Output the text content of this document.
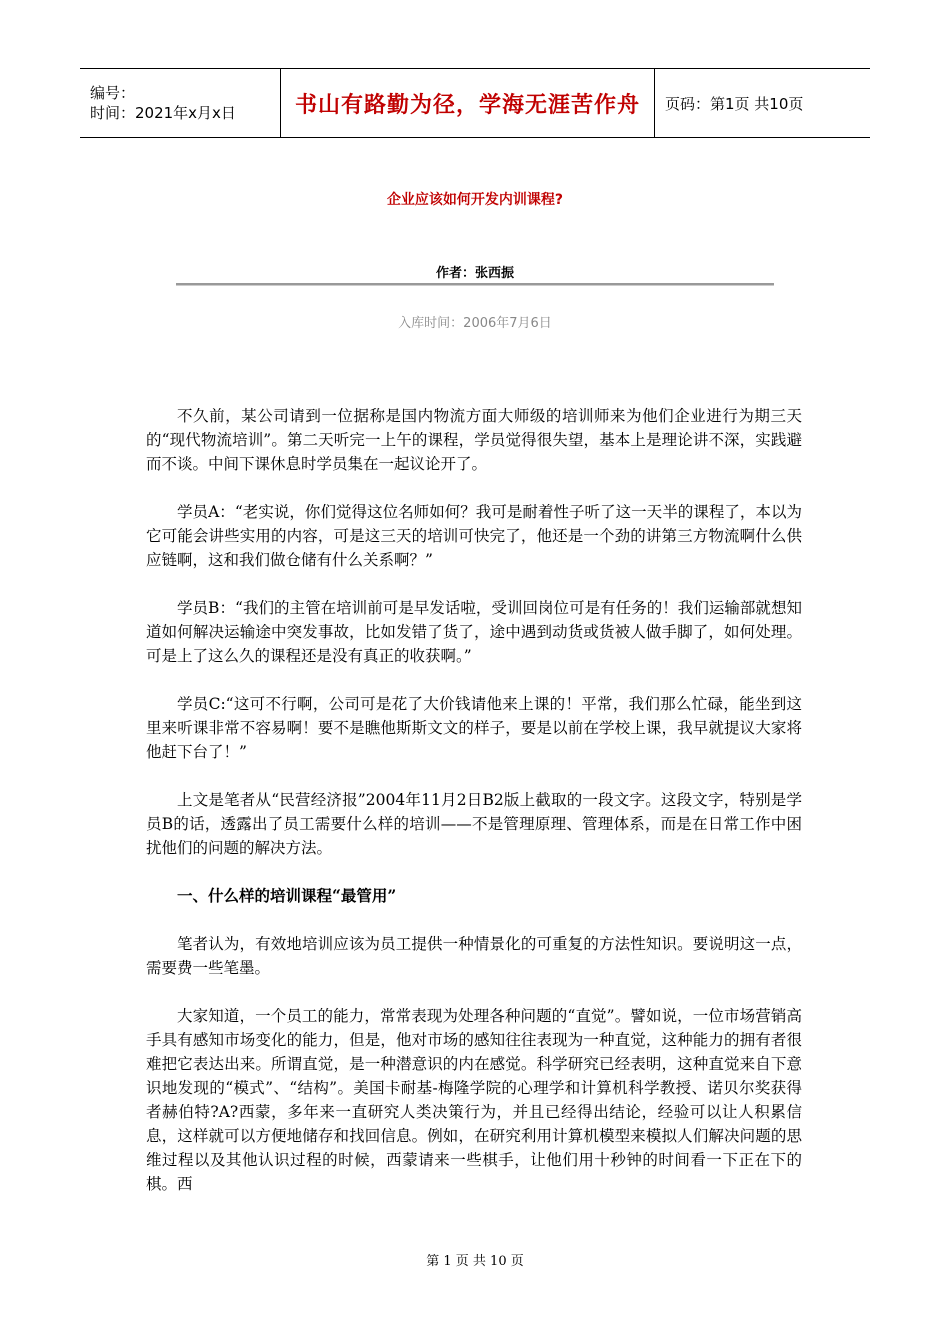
编号：
时间：2021年x月x日	书山有路勤为径，学海无涯苦作舟 页码：第1页 共10页
企业应该如何开发内训课程?
作者：张西振
入库时间：2006年7月6日

不久前，某公司请到一位据称是国内物流方面大师级的培训师来为他们企业进行为期三天的“现代物流培训”。第二天听完一上午的课程，学员觉得很失望，基本上是理论讲不深，实践避而不谈。中间下课休息时学员集在一起议论开了。

学员A：“老实说，你们觉得这位名师如何？我可是耐着性子听了这一天半的课程了，本以为它可能会讲些实用的内容，可是这三天的培训可快完了，他还是一个劲的讲第三方物流啊什么供应链啊，这和我们做仓储有什么关系啊？”

学员B：“我们的主管在培训前可是早发话啦，受训回岗位可是有任务的！我们运输部就想知道如何解决运输途中突发事故，比如发错了货了，途中遇到动货或货被人做手脚了，如何处理。可是上了这么久的课程还是没有真正的收获啊。”

学员C:“这可不行啊，公司可是花了大价钱请他来上课的！平常，我们那么忙碌，能坐到这里来听课非常不容易啊！要不是瞧他斯斯文文的样子，要是以前在学校上课，我早就提议大家将他赶下台了！”

上文是笔者从“民营经济报”2004年11月2日B2版上截取的一段文字。这段文字，特别是学员B的话，透露出了员工需要什么样的培训——不是管理原理、管理体系，而是在日常工作中困扰他们的问题的解决方法。

一、什么样的培训课程“最管用”

笔者认为，有效地培训应该为员工提供一种情景化的可重复的方法性知识。要说明这一点，需要费一些笔墨。

大家知道，一个员工的能力，常常表现为处理各种问题的“直觉”。譬如说，一位市场营销高手具有感知市场变化的能力，但是，他对市场的感知往往表现为一种直觉，这种能力的拥有者很难把它表达出来。所谓直觉，是一种潜意识的内在感觉。科学研究已经表明，这种直觉来自下意识地发现的“模式”、“结构”。美国卡耐基-梅隆学院的心理学和计算机科学教授、诺贝尔奖获得者赫伯特?A?西蒙，多年来一直研究人类决策行为，并且已经得出结论，经验可以让人积累信息，这样就可以方便地储存和找回信息。例如，在研究利用计算机模型来模拟人们解决问题的思维过程以及其他认识过程的时候，西蒙请来一些棋手，让他们用十秒钟的时间看一下正在下的棋。西

第 1 页 共 10 页
